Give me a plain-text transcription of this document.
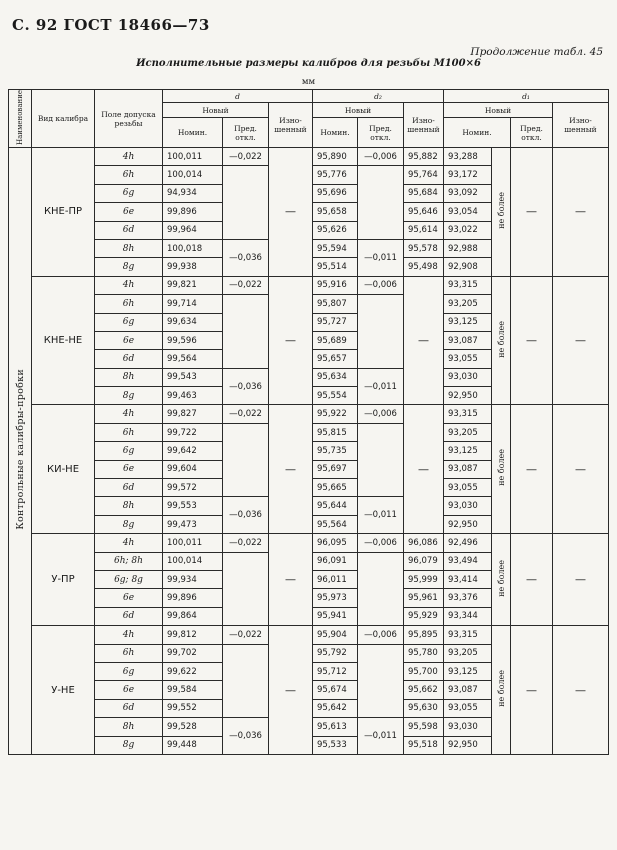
С. 92 ГОСТ 18466—73
Продолжение табл. 45
Исполнительные размеры калибров для резьбы М100×6
мм
Наименование	Вид калибра	Поле допуска резьбы	d			d₂			d₁			
			Новый		Изно-шенный	Новый		Изно-шенный	Новый			Изно-шенный
			Номин.	Пред. откл.		Номин.	Пред. откл.		Номин.		Пред. откл.	
Контрольные калибры-пробки	КНЕ-ПР	4h	100,011	—0,022	—	95,890	—0,006	95,882	93,288	не более	—	—
		6h	100,014			95,776		95,764	93,172			
		6g	94,934			95,696		95,684	93,092			
		6e	99,896			95,658		95,646	93,054			
		6d	99,964			95,626		95,614	93,022			
		8h	100,018	—0,036		95,594	—0,011	95,578	92,988			
		8g	99,938			95,514		95,498	92,908			
	КНЕ-НЕ	4h	99,821	—0,022	—	95,916	—0,006	—	93,315	не более	—	—
		6h	99,714			95,807			93,205			
		6g	99,634			95,727			93,125			
		6e	99,596			95,689			93,087			
		6d	99,564			95,657			93,055			
		8h	99,543	—0,036		95,634	—0,011		93,030			
		8g	99,463			95,554			92,950			
	КИ-НЕ	4h	99,827	—0,022	—	95,922	—0,006	—	93,315	не более	—	—
		6h	99,722			95,815			93,205			
		6g	99,642			95,735			93,125			
		6e	99,604			95,697			93,087			
		6d	99,572			95,665			93,055			
		8h	99,553	—0,036		95,644	—0,011		93,030			
		8g	99,473			95,564			92,950			
	У-ПР	4h	100,011	—0,022	—	96,095	—0,006	96,086	92,496	не более	—	—
		6h; 8h	100,014			96,091		96,079	93,494			
		6g; 8g	99,934			96,011		95,999	93,414			
		6e	99,896			95,973		95,961	93,376			
		6d	99,864			95,941		95,929	93,344			
	У-НЕ	4h	99,812	—0,022	—	95,904	—0,006	95,895	93,315	не более	—	—
		6h	99,702			95,792		95,780	93,205			
		6g	99,622			95,712		95,700	93,125			
		6e	99,584			95,674		95,662	93,087			
		6d	99,552			95,642		95,630	93,055			
		8h	99,528	—0,036		95,613	—0,011	95,598	93,030			
		8g	99,448			95,533		95,518	92,950			
